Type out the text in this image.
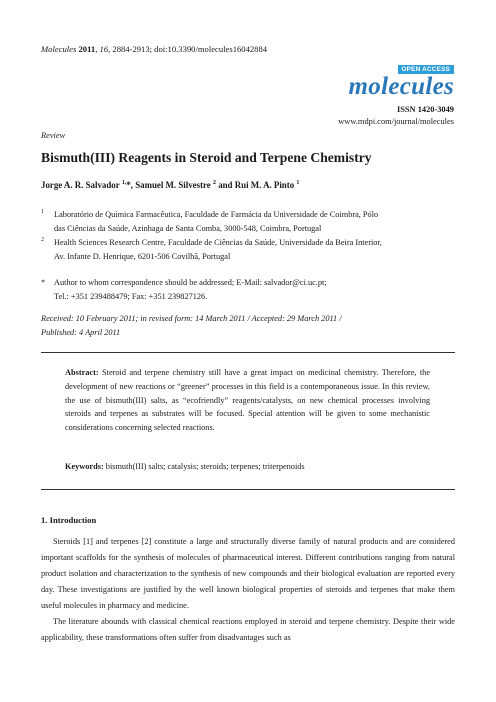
Molecules 2011, 16, 2884-2913; doi:10.3390/molecules16042884
OPEN ACCESS
molecules
ISSN 1420-3049
www.mdpi.com/journal/molecules
Review
Bismuth(III) Reagents in Steroid and Terpene Chemistry
Jorge A. R. Salvador $^{1,}$*, Samuel M. Silvestre $^2$ and Rui M. A. Pinto $^1$
1 Laboratório de Química Farmacêutica, Faculdade de Farmácia da Universidade de Coimbra, Pólo
das Ciências da Saúde, Azinhaga de Santa Comba, 3000-548, Coimbra, Portugal
2 Health Sciences Research Centre, Faculdade de Ciências da Saúde, Universidade da Beira Interior,
Av. Infante D. Henrique, 6201-506 Covilhã, Portugal
* Author to whom correspondence should be addressed; E-Mail: salvador@ci.uc.pt;
Tel.: +351 239488479; Fax: +351 239827126.
Received: 10 February 2011; in revised form: 14 March 2011 / Accepted: 29 March 2011 /
Published: 4 April 2011
Abstract: Steroid and terpene chemistry still have a great impact on medicinal chemistry. Therefore, the development of new reactions or “greener” processes in this field is a contemporaneous issue. In this review, the use of bismuth(III) salts, as “ecofriendly” reagents/catalysts, on new chemical processes involving steroids and terpenes as substrates will be focused. Special attention will be given to some mechanistic considerations concerning selected reactions.
Keywords: bismuth(III) salts; catalysis; steroids; terpenes; triterpenoids
1. Introduction

Steroids [1] and terpenes [2] constitute a large and structurally diverse family of natural products and are considered important scaffolds for the synthesis of molecules of pharmaceutical interest. Different contributions ranging from natural product isolation and characterization to the synthesis of new compounds and their biological evaluation are reported every day. These investigations are justified by the well known biological properties of steroids and terpenes that make them useful molecules in pharmacy and medicine.

The literature abounds with classical chemical reactions employed in steroid and terpene chemistry. Despite their wide applicability, these transformations often suffer from disadvantages such as
